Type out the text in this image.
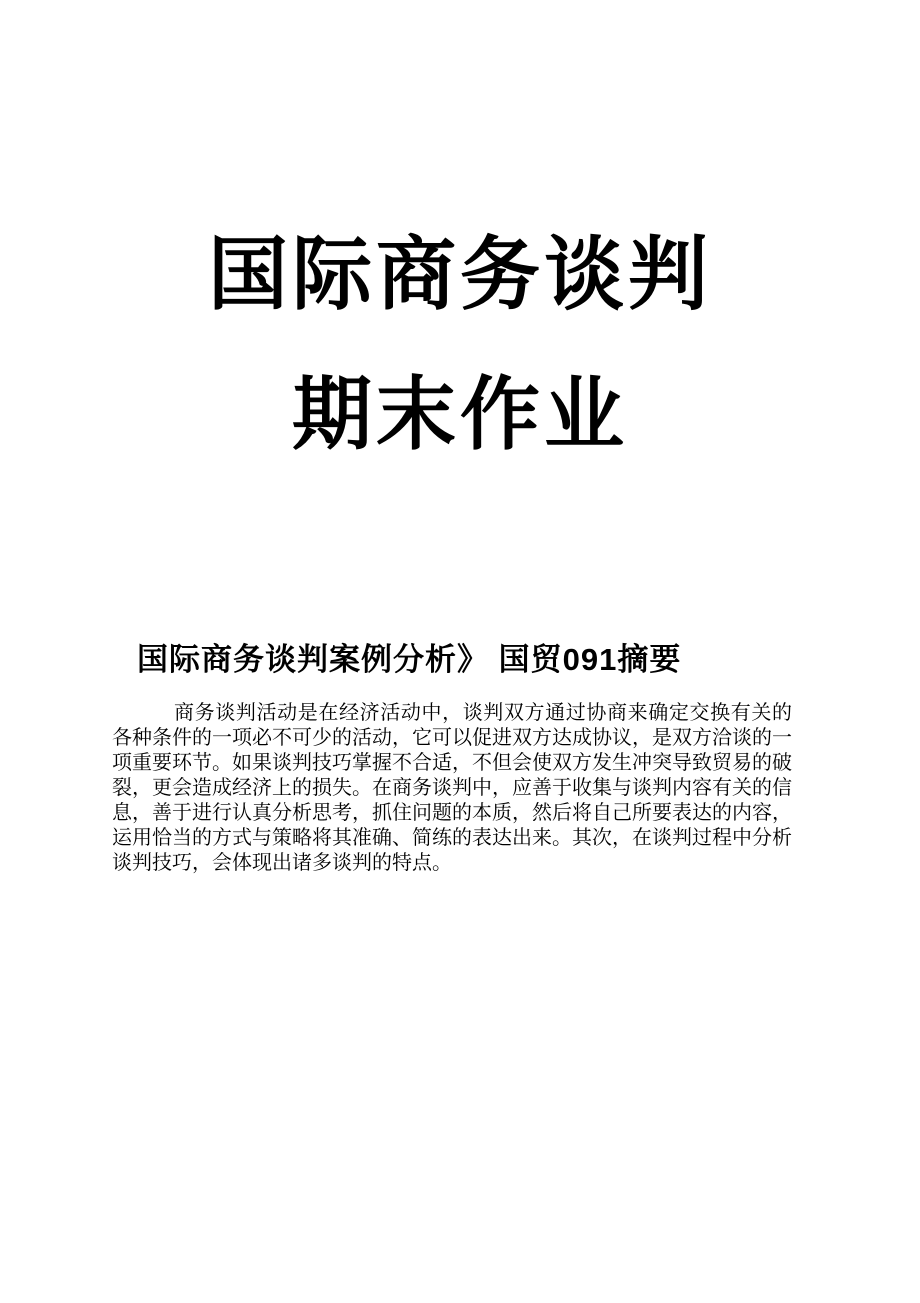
国际商务谈判
期末作业
国际商务谈判案例分析》 国贸091摘要

商务谈判活动是在经济活动中，谈判双方通过协商来确定交换有关的各种条件的一项必不可少的活动，它可以促进双方达成协议，是双方洽谈的一项重要环节。如果谈判技巧掌握不合适，不但会使双方发生冲突导致贸易的破裂，更会造成经济上的损失。在商务谈判中，应善于收集与谈判内容有关的信息，善于进行认真分析思考，抓住问题的本质，然后将自己所要表达的内容，运用恰当的方式与策略将其准确、简练的表达出来。其次，在谈判过程中分析谈判技巧，会体现出诸多谈判的特点。
